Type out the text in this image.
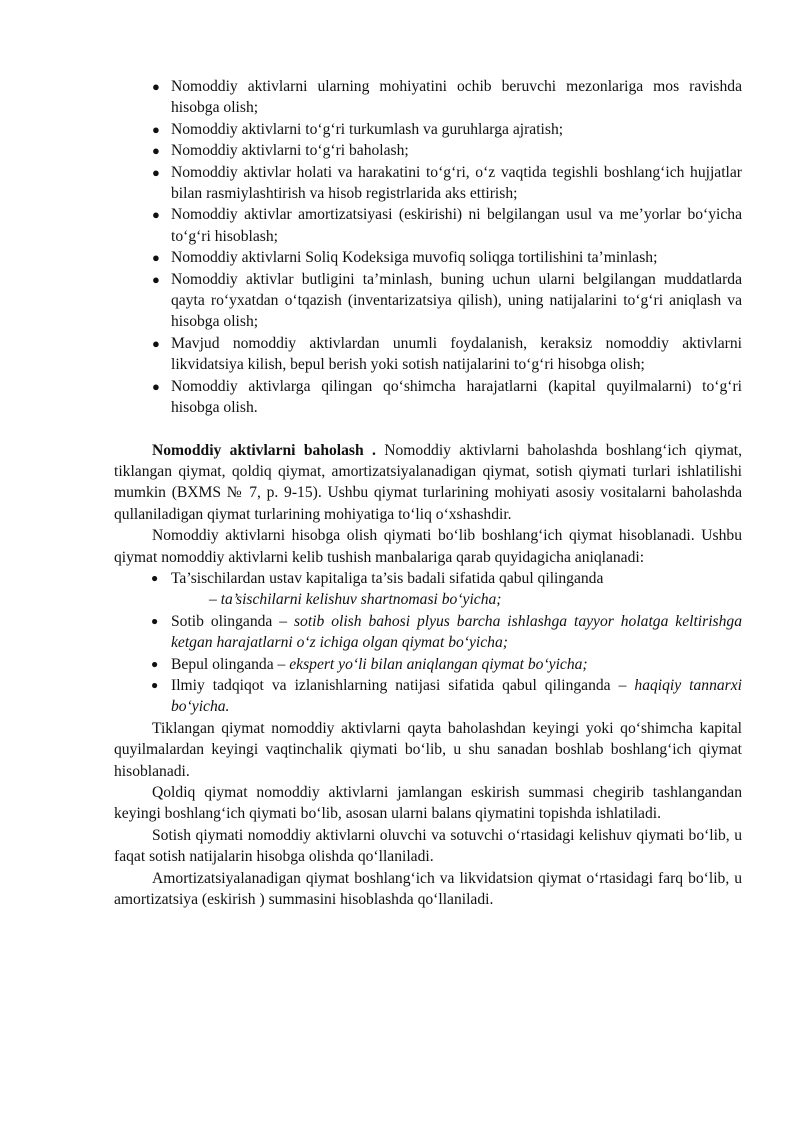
● Nomoddiy aktivlarni ularning mohiyatini ochib beruvchi mezonlariga mos ravishda hisobga olish;
● Nomoddiy aktivlarni to‘g‘ri turkumlash va guruhlarga ajratish;
● Nomoddiy aktivlarni to‘g‘ri baholash;
● Nomoddiy aktivlar holati va harakatini to‘g‘ri, o‘z vaqtida tegishli boshlang‘ich hujjatlar bilan rasmiylashtirish va hisob registrlarida aks ettirish;
● Nomoddiy aktivlar amortizatsiyasi (eskirishi) ni belgilangan usul va me’yorlar bo‘yicha to‘g‘ri hisoblash;
● Nomoddiy aktivlarni Soliq Kodeksiga muvofiq soliqga tortilishini ta’minlash;
● Nomoddiy aktivlar butligini ta’minlash, buning uchun ularni belgilangan muddatlarda qayta ro‘yxatdan o‘tqazish (inventarizatsiya qilish), uning natijalarini to‘g‘ri aniqlash va hisobga olish;
● Mavjud nomoddiy aktivlardan unumli foydalanish, keraksiz nomoddiy aktivlarni likvidatsiya kilish, bepul berish yoki sotish natijalarini to‘g‘ri hisobga olish;
● Nomoddiy aktivlarga qilingan qo‘shimcha harajatlarni (kapital quyilmalarni) to‘g‘ri hisobga olish.

Nomoddiy aktivlarni baholash . Nomoddiy aktivlarni baholashda boshlang‘ich qiymat, tiklangan qiymat, qoldiq qiymat, amortizatsiyalanadigan qiymat, sotish qiymati turlari ishlatilishi mumkin (BXMS № 7, p. 9-15). Ushbu qiymat turlarining mohiyati asosiy vositalarni baholashda qullaniladigan qiymat turlarining mohiyatiga to‘liq o‘xshashdir.

Nomoddiy aktivlarni hisobga olish qiymati bo‘lib boshlang‘ich qiymat hisoblanadi. Ushbu qiymat nomoddiy aktivlarni kelib tushish manbalariga qarab quyidagicha aniqlanadi:

● Ta’sischilardan ustav kapitaliga ta’sis badali sifatida qabul qilinganda
– ta’sischilarni kelishuv shartnomasi bo‘yicha;
● Sotib olinganda – sotib olish bahosi plyus barcha ishlashga tayyor holatga keltirishga ketgan harajatlarni o‘z ichiga olgan qiymat bo‘yicha;
● Bepul olinganda – ekspert yo‘li bilan aniqlangan qiymat bo‘yicha;
● Ilmiy tadqiqot va izlanishlarning natijasi sifatida qabul qilinganda – haqiqiy tannarxi bo‘yicha.

Tiklangan qiymat nomoddiy aktivlarni qayta baholashdan keyingi yoki qo‘shimcha kapital quyilmalardan keyingi vaqtinchalik qiymati bo‘lib, u shu sanadan boshlab boshlang‘ich qiymat hisoblanadi.

Qoldiq qiymat nomoddiy aktivlarni jamlangan eskirish summasi chegirib tashlangandan keyingi boshlang‘ich qiymati bo‘lib, asosan ularni balans qiymatini topishda ishlatiladi.

Sotish qiymati nomoddiy aktivlarni oluvchi va sotuvchi o‘rtasidagi kelishuv qiymati bo‘lib, u faqat sotish natijalarin hisobga olishda qo‘llaniladi.

Amortizatsiyalanadigan qiymat boshlang‘ich va likvidatsion qiymat o‘rtasidagi farq bo‘lib, u amortizatsiya (eskirish ) summasini hisoblashda qo‘llaniladi.
